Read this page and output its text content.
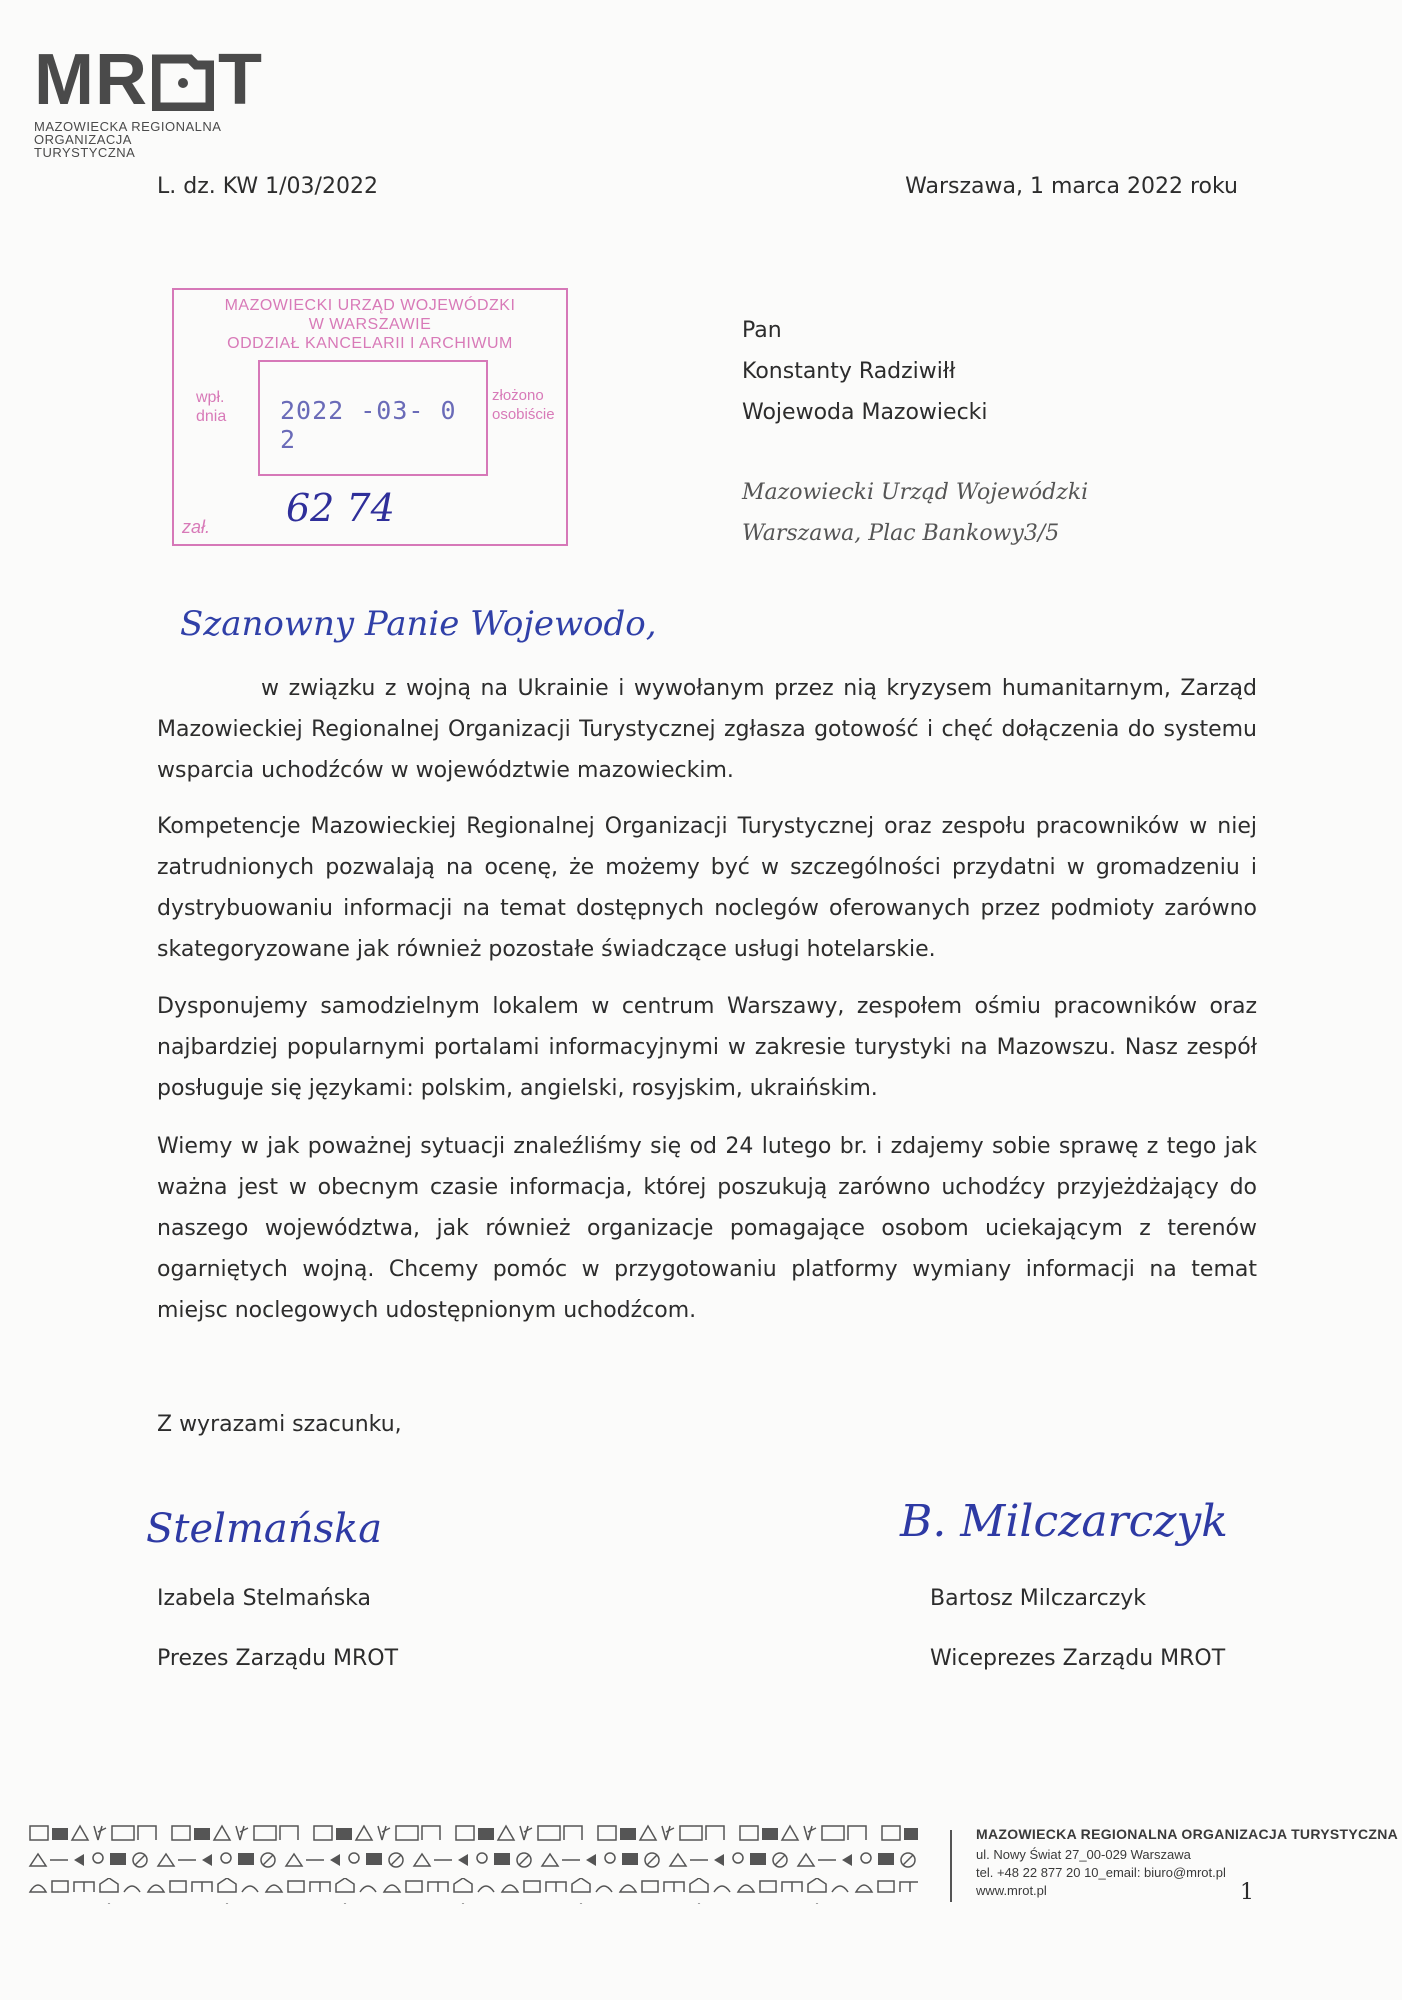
MR T
MAZOWIECKA REGIONALNA
ORGANIZACJA TURYSTYCZNA
L. dz. KW 1/03/2022	Warszawa, 1 marca 2022 roku
MAZOWIECKI URZĄD WOJEWÓDZKI
W WARSZAWIE
ODDZIAŁ KANCELARII I ARCHIWUM
wpł.
dnia 2022 -03- 0 2
złożono
osobiście
zał. 62 74
Pan
Konstanty Radziwiłł
Wojewoda Mazowiecki
Mazowiecki Urząd Wojewódzki
Warszawa, Plac Bankowy3/5
Szanowny Panie Wojewodo,

w związku z wojną na Ukrainie i wywołanym przez nią kryzysem humanitarnym, Zarząd Mazowieckiej Regionalnej Organizacji Turystycznej zgłasza gotowość i chęć dołączenia do systemu wsparcia uchodźców w województwie mazowieckim.

Kompetencje Mazowieckiej Regionalnej Organizacji Turystycznej oraz zespołu pracowników w niej zatrudnionych pozwalają na ocenę, że możemy być w szczególności przydatni w gromadzeniu i dystrybuowaniu informacji na temat dostępnych noclegów oferowanych przez podmioty zarówno skategoryzowane jak również pozostałe świadczące usługi hotelarskie.

Dysponujemy samodzielnym lokalem w centrum Warszawy, zespołem ośmiu pracowników oraz najbardziej popularnymi portalami informacyjnymi w zakresie turystyki na Mazowszu. Nasz zespół posługuje się językami: polskim, angielski, rosyjskim, ukraińskim.

Wiemy w jak poważnej sytuacji znaleźliśmy się od 24 lutego br. i zdajemy sobie sprawę z tego jak ważna jest w obecnym czasie informacja, której poszukują zarówno uchodźcy przyjeżdżający do naszego województwa, jak również organizacje pomagające osobom uciekającym z terenów ogarniętych wojną. Chcemy pomóc w przygotowaniu platformy wymiany informacji na temat miejsc noclegowych udostępnionym uchodźcom.

Z wyrazami szacunku,
Stelmańska
Izabela Stelmańska
Prezes Zarządu MROT
B. Milczarczyk
Bartosz Milczarczyk
Wiceprezes Zarządu MROT
MAZOWIECKA REGIONALNA ORGANIZACJA TURYSTYCZNA
ul. Nowy Świat 27_00-029 Warszawa
tel. +48 22 877 20 10_email: biuro@mrot.pl
www.mrot.pl	1
